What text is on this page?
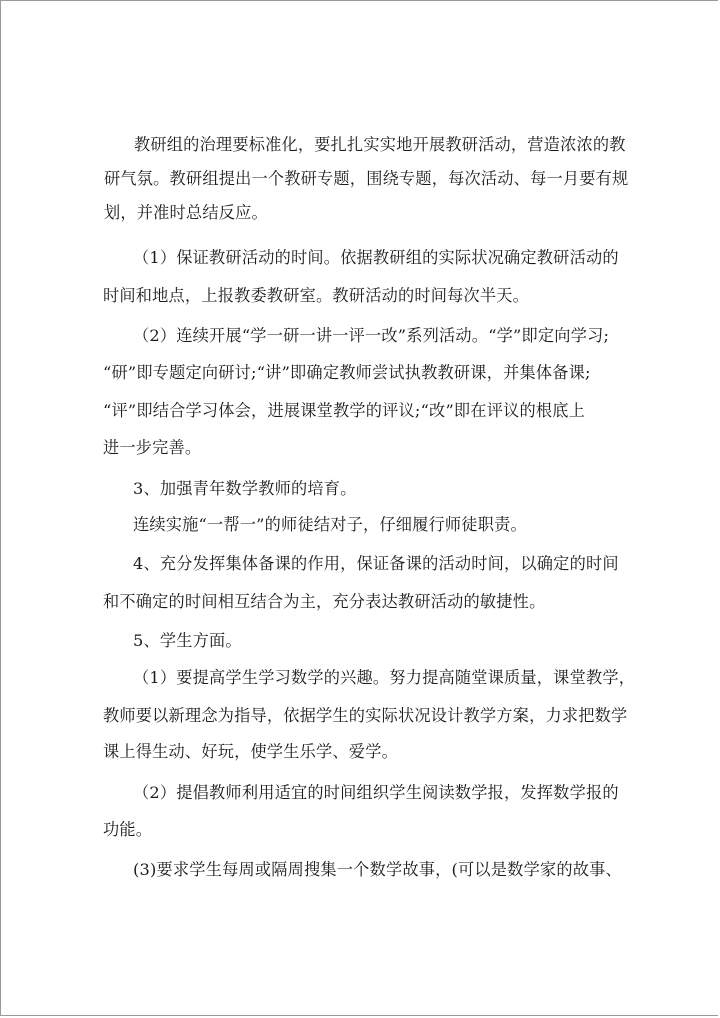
教研组的治理要标准化，要扎扎实实地开展教研活动，营造浓浓的教
研气氛。教研组提出一个教研专题，围绕专题，每次活动、每一月要有规
划，并准时总结反应。
（1）保证教研活动的时间。依据教研组的实际状况确定教研活动的
时间和地点，上报教委教研室。教研活动的时间每次半天。
（2）连续开展“学一研一讲一评一改”系列活动。“学”即定向学习;
“研”即专题定向研讨;“讲”即确定教师尝试执教教研课，并集体备课;
“评”即结合学习体会，进展课堂教学的评议;“改”即在评议的根底上
进一步完善。
3、加强青年数学教师的培育。
连续实施“一帮一”的师徒结对子，仔细履行师徒职责。
4、充分发挥集体备课的作用，保证备课的活动时间，以确定的时间
和不确定的时间相互结合为主，充分表达教研活动的敏捷性。
5、学生方面。
（1）要提高学生学习数学的兴趣。努力提高随堂课质量，课堂教学，
教师要以新理念为指导，依据学生的实际状况设计教学方案，力求把数学
课上得生动、好玩，使学生乐学、爱学。
（2）提倡教师利用适宜的时间组织学生阅读数学报，发挥数学报的
功能。
(3)要求学生每周或隔周搜集一个数学故事，(可以是数学家的故事、
